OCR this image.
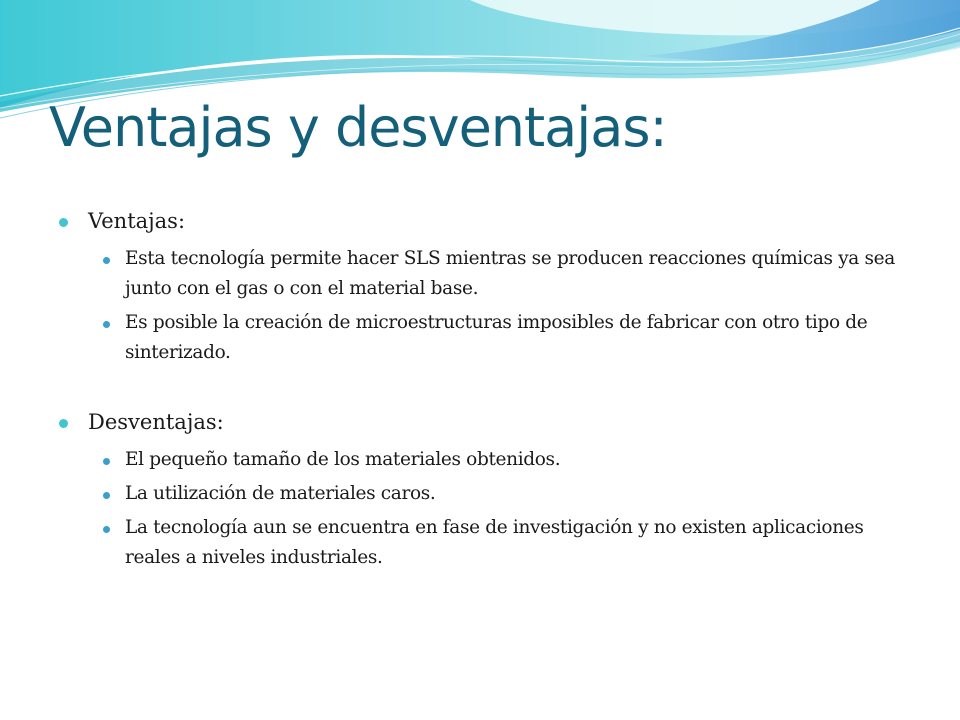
Ventajas y desventajas:
Ventajas:
Esta tecnología permite hacer SLS mientras se producen reacciones químicas ya sea junto con el gas o con el material base.
Es posible la creación de microestructuras imposibles de fabricar con otro tipo de sinterizado.
Desventajas:
El pequeño tamaño de los materiales obtenidos.
La utilización de materiales caros.
La tecnología aun se encuentra en fase de investigación y no existen aplicaciones reales a niveles industriales.
